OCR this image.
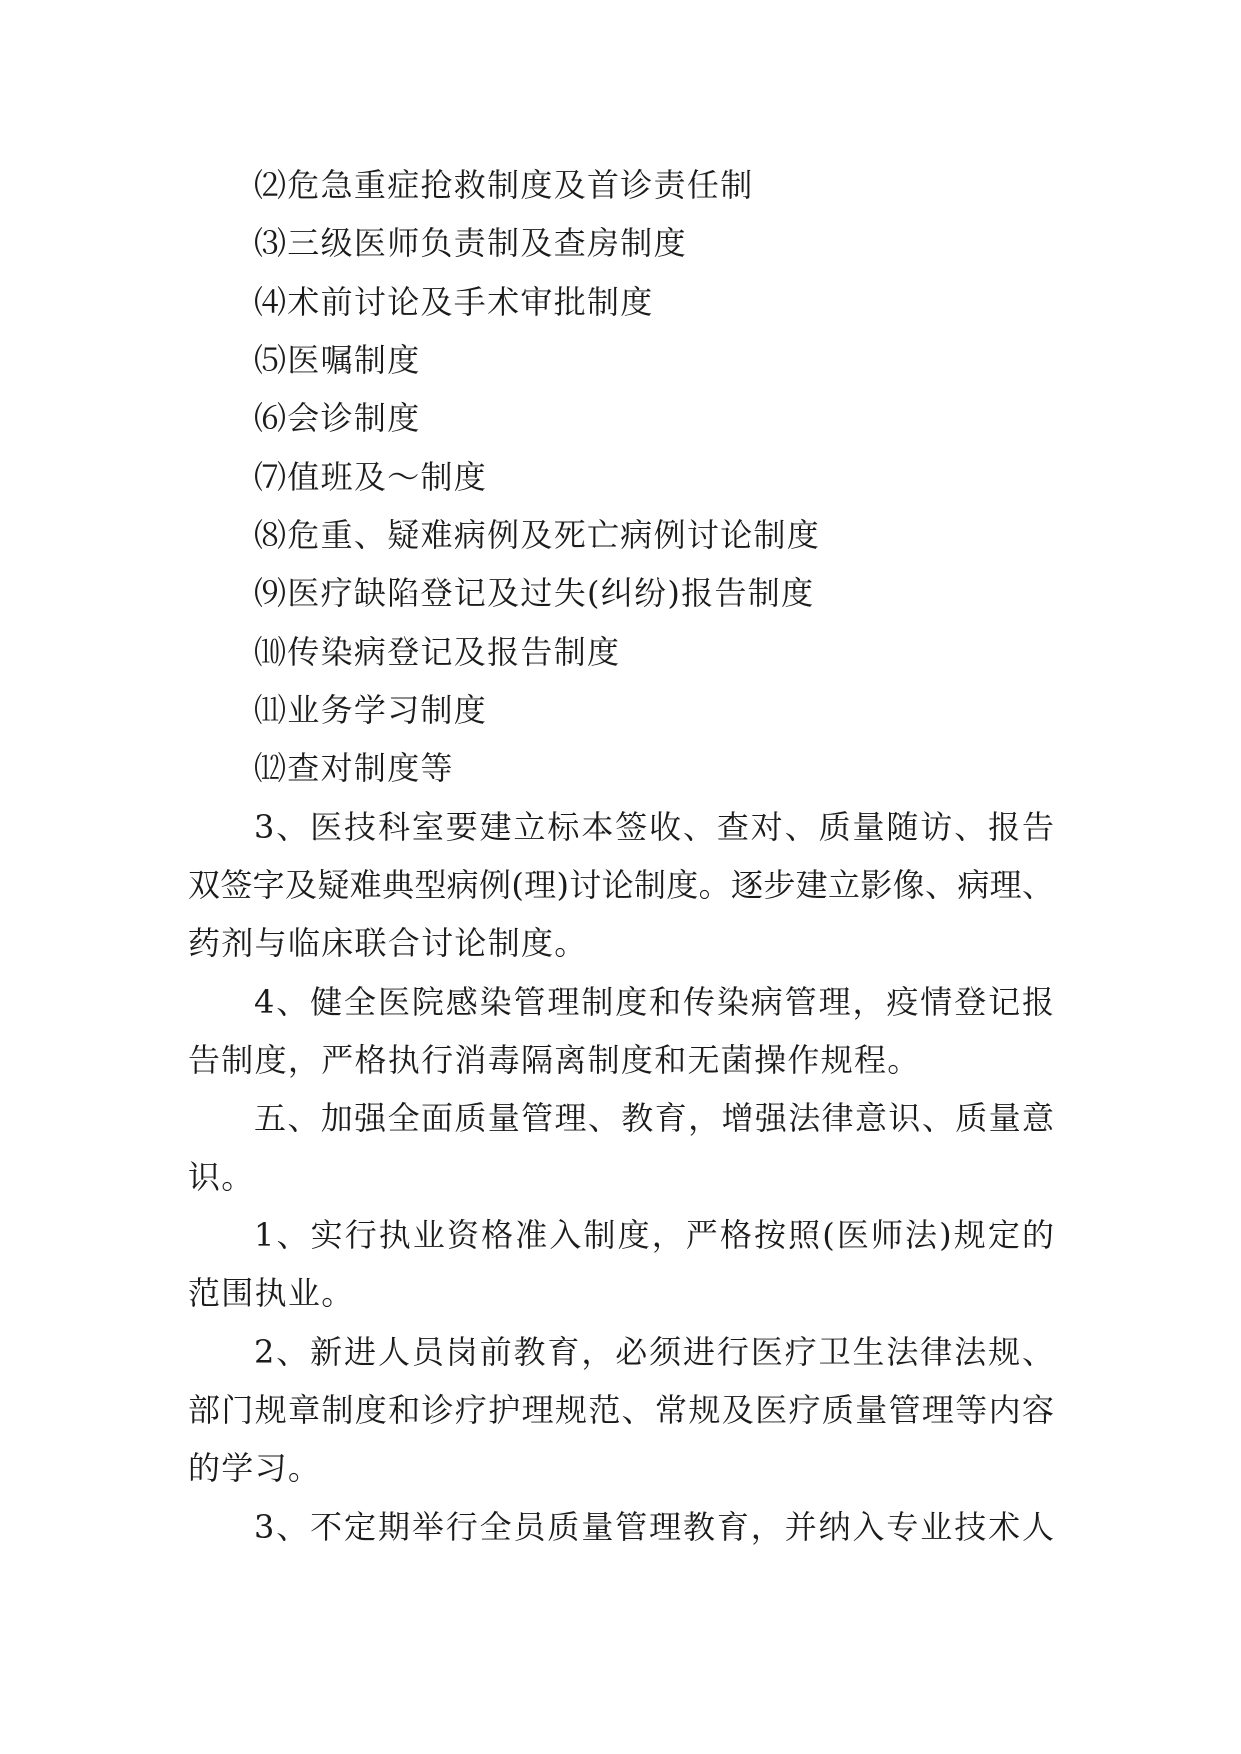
⑵危急重症抢救制度及首诊责任制
⑶三级医师负责制及查房制度
⑷术前讨论及手术审批制度
⑸医嘱制度
⑹会诊制度
⑺值班及～制度
⑻危重、疑难病例及死亡病例讨论制度
⑼医疗缺陷登记及过失(纠纷)报告制度
⑽传染病登记及报告制度
⑾业务学习制度
⑿查对制度等
3、医技科室要建立标本签收、查对、质量随访、报告
双签字及疑难典型病例(理)讨论制度。逐步建立影像、病理、
药剂与临床联合讨论制度。
4、健全医院感染管理制度和传染病管理，疫情登记报
告制度，严格执行消毒隔离制度和无菌操作规程。
五、加强全面质量管理、教育，增强法律意识、质量意
识。
1、实行执业资格准入制度，严格按照(医师法)规定的
范围执业。
2、新进人员岗前教育，必须进行医疗卫生法律法规、
部门规章制度和诊疗护理规范、常规及医疗质量管理等内容
的学习。
3、不定期举行全员质量管理教育，并纳入专业技术人
